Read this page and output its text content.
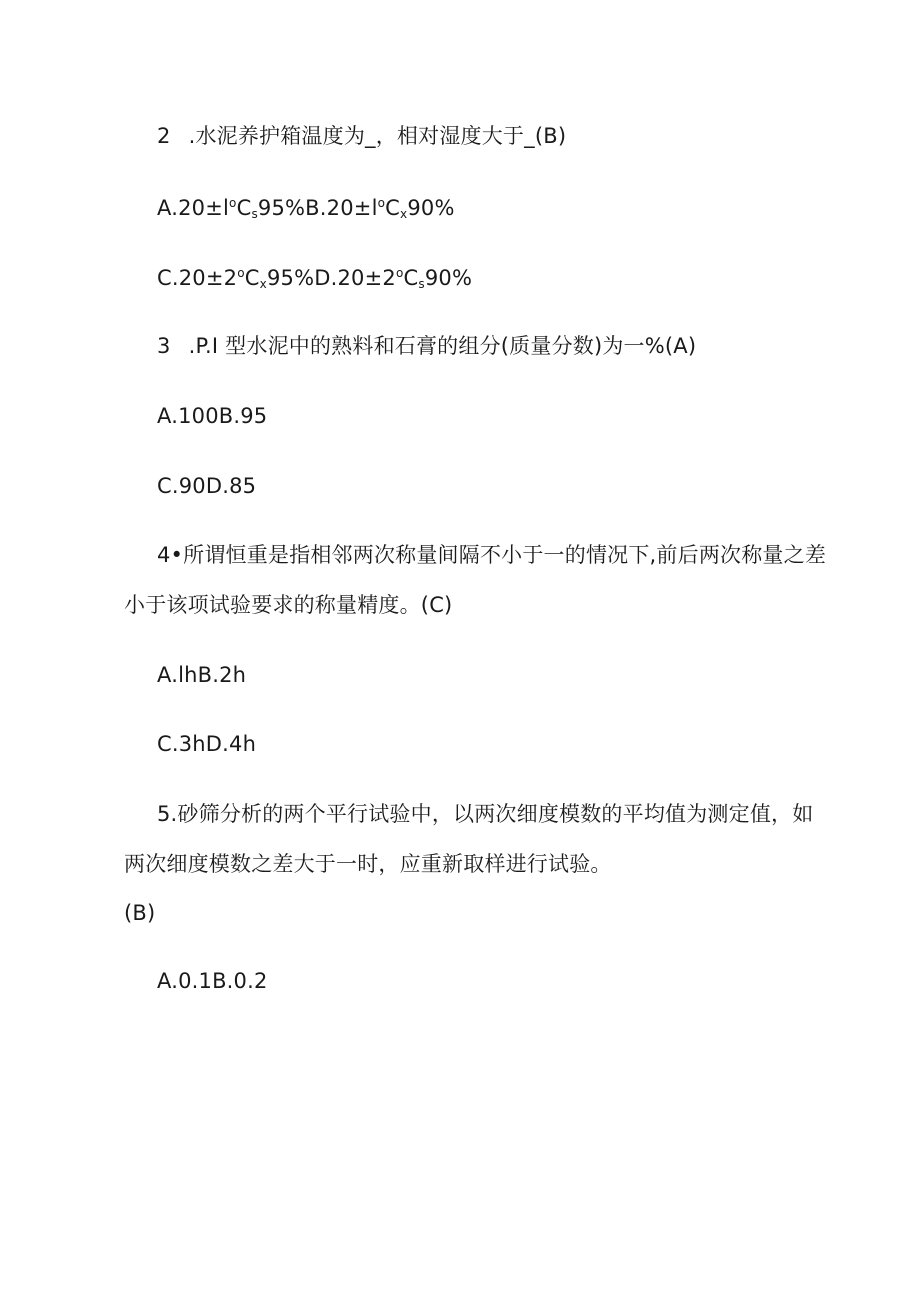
2 .水泥养护箱温度为_，相对湿度大于_(B)
$A.20\pm l^oC_s95\%B.20\pm l^oC_x90\%$
$C.20\pm 2^oC_x95\%D.20\pm 2^oC_s90\%$
3 .P.I 型水泥中的熟料和石膏的组分(质量分数)为一%(A)
A.100B.95
C.90D.85
4•所谓恒重是指相邻两次称量间隔不小于一的情况下,前后两次称量之差
小于该项试验要求的称量精度。(C)
A.lhB.2h
C.3hD.4h
5.砂筛分析的两个平行试验中，以两次细度模数的平均值为测定值，如
两次细度模数之差大于一时，应重新取样进行试验。
(B)
A.0.1B.0.2
